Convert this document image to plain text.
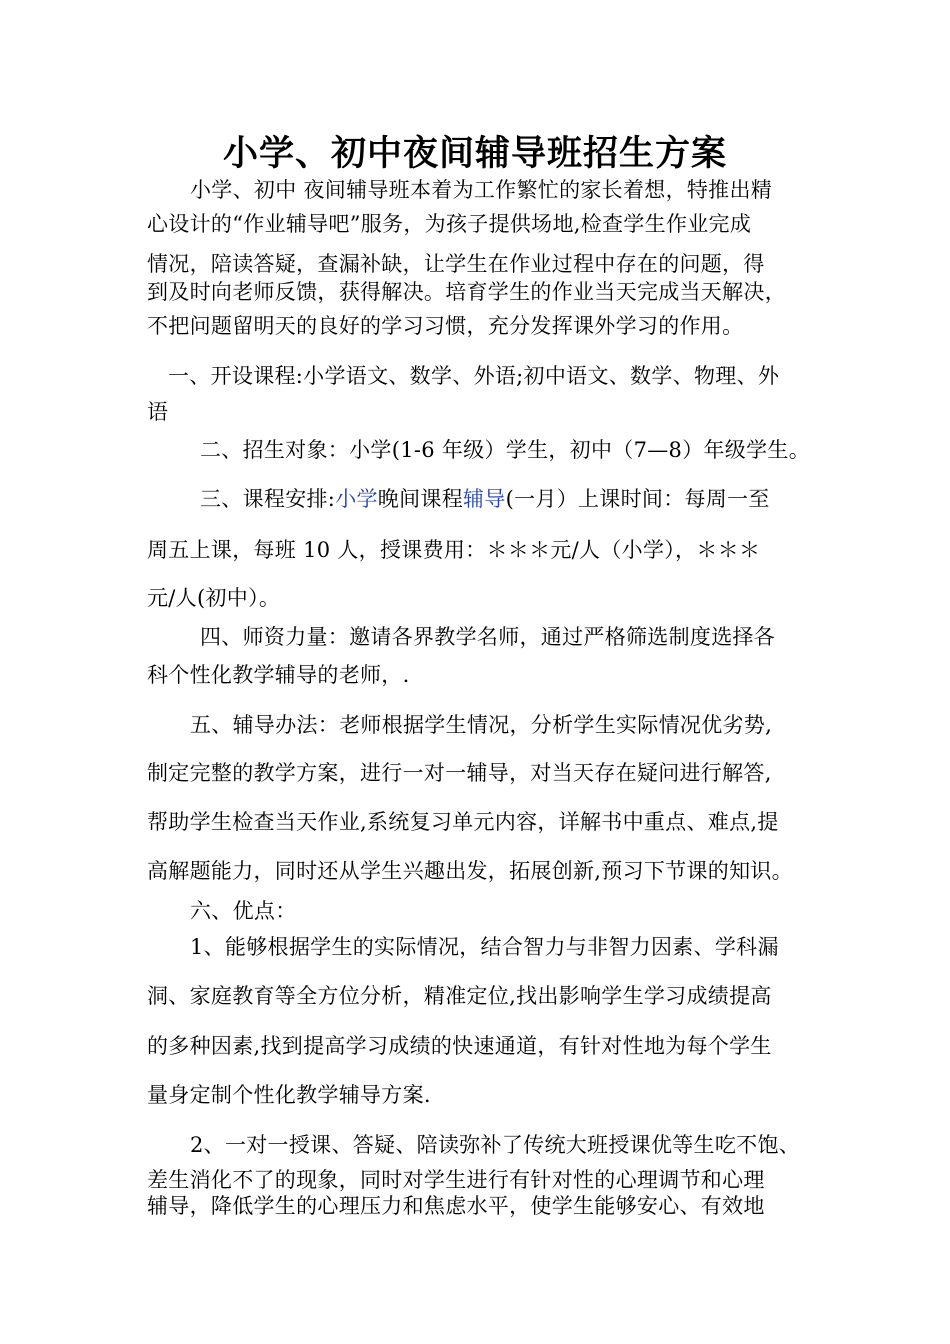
小学、初中夜间辅导班招生方案
小学、初中 夜间辅导班本着为工作繁忙的家长着想，特推出精
心设计的“作业辅导吧”服务，为孩子提供场地,检查学生作业完成
情况，陪读答疑，查漏补缺，让学生在作业过程中存在的问题，得
到及时向老师反馈，获得解决。培育学生的作业当天完成当天解决，
不把问题留明天的良好的学习习惯，充分发挥课外学习的作用。
一、开设课程:小学语文、数学、外语;初中语文、数学、物理、外
语
二、招生对象：小学(1-6 年级）学生，初中（7—8）年级学生。
三、课程安排:小学晚间课程辅导(一月）上课时间：每周一至
周五上课，每班 10 人，授课费用：＊＊＊元/人（小学），＊＊＊
元/人(初中）。
四、师资力量：邀请各界教学名师，通过严格筛选制度选择各
科个性化教学辅导的老师，.
五、辅导办法：老师根据学生情况，分析学生实际情况优劣势,
制定完整的教学方案，进行一对一辅导，对当天存在疑问进行解答,
帮助学生检查当天作业,系统复习单元内容，详解书中重点、难点,提
高解题能力，同时还从学生兴趣出发，拓展创新,预习下节课的知识。
六、优点：
1、能够根据学生的实际情况，结合智力与非智力因素、学科漏
洞、家庭教育等全方位分析，精准定位,找出影响学生学习成绩提高
的多种因素,找到提高学习成绩的快速通道，有针对性地为每个学生
量身定制个性化教学辅导方案.
2、一对一授课、答疑、陪读弥补了传统大班授课优等生吃不饱、
差生消化不了的现象，同时对学生进行有针对性的心理调节和心理
辅导，降低学生的心理压力和焦虑水平，使学生能够安心、有效地
